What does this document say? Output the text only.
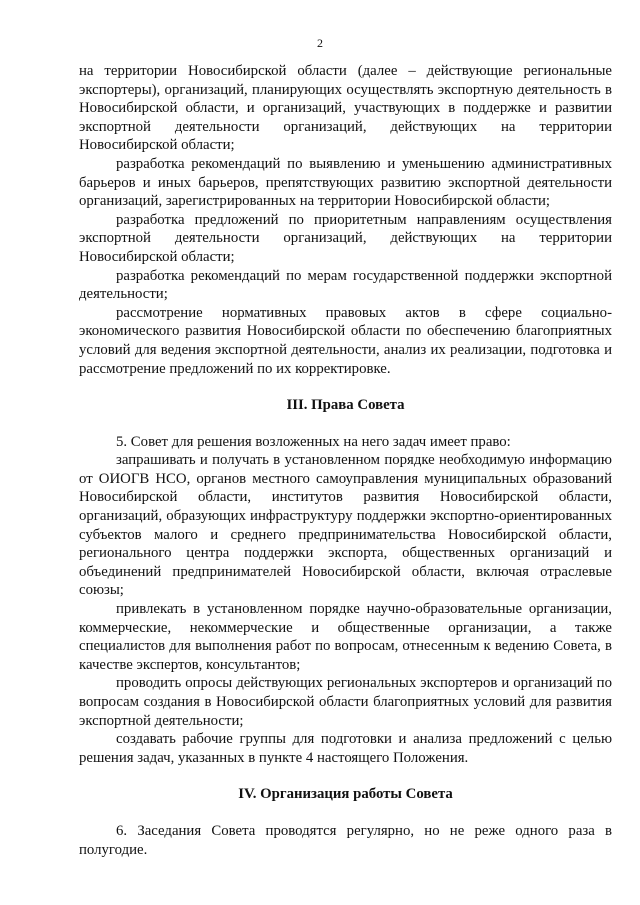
2

на территории Новосибирской области (далее – действующие региональные экспортеры), организаций, планирующих осуществлять экспортную деятельность в Новосибирской области, и организаций, участвующих в поддержке и развитии экспортной деятельности организаций, действующих на территории Новосибирской области;

разработка рекомендаций по выявлению и уменьшению административных барьеров и иных барьеров, препятствующих развитию экспортной деятельности организаций, зарегистрированных на территории Новосибирской области;

разработка предложений по приоритетным направлениям осуществления экспортной деятельности организаций, действующих на территории Новосибирской области;

разработка рекомендаций по мерам государственной поддержки экспортной деятельности;

рассмотрение нормативных правовых актов в сфере социально-экономического развития Новосибирской области по обеспечению благоприятных условий для ведения экспортной деятельности, анализ их реализации, подготовка и рассмотрение предложений по их корректировке.

III. Права Совета

5. Совет для решения возложенных на него задач имеет право:

запрашивать и получать в установленном порядке необходимую информацию от ОИОГВ НСО, органов местного самоуправления муниципальных образований Новосибирской области, институтов развития Новосибирской области, организаций, образующих инфраструктуру поддержки экспортно-ориентированных субъектов малого и среднего предпринимательства Новосибирской области, регионального центра поддержки экспорта, общественных организаций и объединений предпринимателей Новосибирской области, включая отраслевые союзы;

привлекать в установленном порядке научно-образовательные организации, коммерческие, некоммерческие и общественные организации, а также специалистов для выполнения работ по вопросам, отнесенным к ведению Совета, в качестве экспертов, консультантов;

проводить опросы действующих региональных экспортеров и организаций по вопросам создания в Новосибирской области благоприятных условий для развития экспортной деятельности;

создавать рабочие группы для подготовки и анализа предложений с целью решения задач, указанных в пункте 4 настоящего Положения.

IV. Организация работы Совета

6. Заседания Совета проводятся регулярно, но не реже одного раза в полугодие.
